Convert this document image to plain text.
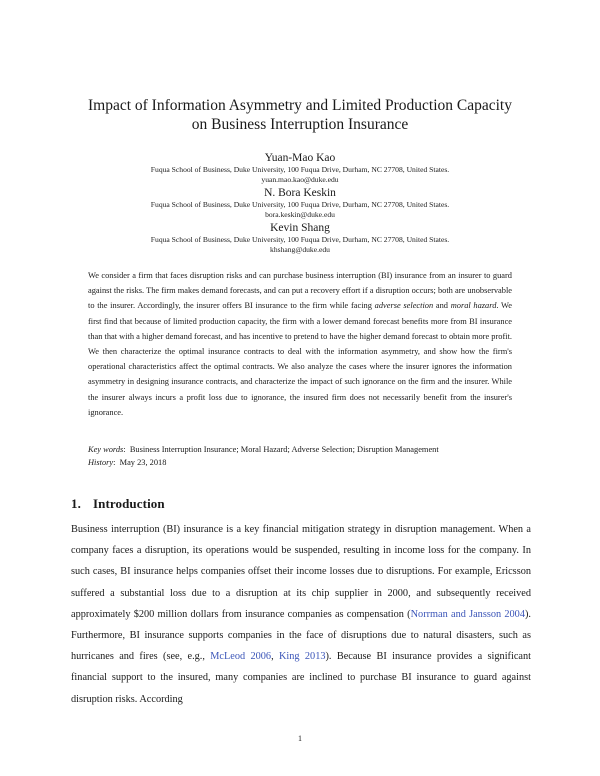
Impact of Information Asymmetry and Limited Production Capacity
on Business Interruption Insurance
Yuan-Mao Kao
Fuqua School of Business, Duke University, 100 Fuqua Drive, Durham, NC 27708, United States.
yuan.mao.kao@duke.edu
N. Bora Keskin
Fuqua School of Business, Duke University, 100 Fuqua Drive, Durham, NC 27708, United States.
bora.keskin@duke.edu
Kevin Shang
Fuqua School of Business, Duke University, 100 Fuqua Drive, Durham, NC 27708, United States.
khshang@duke.edu
We consider a firm that faces disruption risks and can purchase business interruption (BI) insurance from an insurer to guard against the risks. The firm makes demand forecasts, and can put a recovery effort if a disruption occurs; both are unobservable to the insurer. Accordingly, the insurer offers BI insurance to the firm while facing adverse selection and moral hazard. We first find that because of limited production capacity, the firm with a lower demand forecast benefits more from BI insurance than that with a higher demand forecast, and has incentive to pretend to have the higher demand forecast to obtain more profit. We then characterize the optimal insurance contracts to deal with the information asymmetry, and show how the firm's operational characteristics affect the optimal contracts. We also analyze the cases where the insurer ignores the information asymmetry in designing insurance contracts, and characterize the impact of such ignorance on the firm and the insurer. While the insurer always incurs a profit loss due to ignorance, the insured firm does not necessarily benefit from the insurer's ignorance.
Key words:  Business Interruption Insurance; Moral Hazard; Adverse Selection; Disruption Management
History:  May 23, 2018
1. Introduction
Business interruption (BI) insurance is a key financial mitigation strategy in disruption management. When a company faces a disruption, its operations would be suspended, resulting in income loss for the company. In such cases, BI insurance helps companies offset their income losses due to disruptions. For example, Ericsson suffered a substantial loss due to a disruption at its chip supplier in 2000, and subsequently received approximately $200 million dollars from insurance companies as compensation (Norrman and Jansson 2004). Furthermore, BI insurance supports companies in the face of disruptions due to natural disasters, such as hurricanes and fires (see, e.g., McLeod 2006, King 2013). Because BI insurance provides a significant financial support to the insured, many companies are inclined to purchase BI insurance to guard against disruption risks. According
1
